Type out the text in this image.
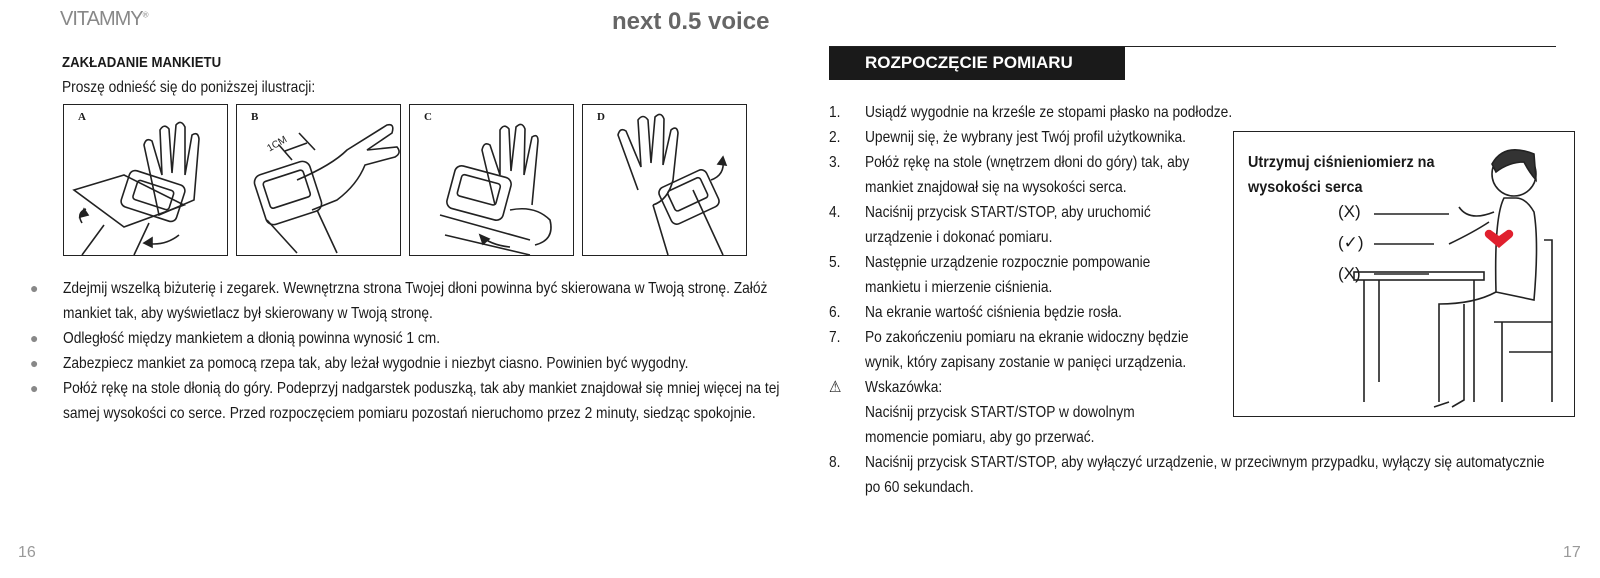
VITAMMY®	next 0.5 voice
ZAKŁADANIE MANKIETU
Proszę odnieść się do poniższej ilustracji:
A	B
1CM
C	D
● Zdejmij wszelką biżuterię i zegarek. Wewnętrzna strona Twojej dłoni powinna być skierowana w Twoją stronę. Załóż
mankiet tak, aby wyświetlacz był skierowany w Twoją stronę.
● Odległość między mankietem a dłonią powinna wynosić 1 cm.
● Zabezpiecz mankiet za pomocą rzepa tak, aby leżał wygodnie i niezbyt ciasno. Powinien być wygodny.
● Połóż rękę na stole dłonią do góry. Podeprzyj nadgarstek poduszką, tak aby mankiet znajdował się mniej więcej na tej
samej wysokości co serce. Przed rozpoczęciem pomiaru pozostań nieruchomo przez 2 minuty, siedząc spokojnie.
16
ROZPOCZĘCIE POMIARU
1. Usiądź wygodnie na krześle ze stopami płasko na podłodze.
2. Upewnij się, że wybrany jest Twój profil użytkownika.
3. Połóż rękę na stole (wnętrzem dłoni do góry) tak, aby
mankiet znajdował się na wysokości serca.
4. Naciśnij przycisk START/STOP, aby uruchomić
urządzenie i dokonać pomiaru.
5. Następnie urządzenie rozpocznie pompowanie
mankietu i mierzenie ciśnienia.
6. Na ekranie wartość ciśnienia będzie rosła.
7. Po zakończeniu pomiaru na ekranie widoczny będzie
wynik, który zapisany zostanie w panięci urządzenia.
⚠ Wskazówka:
Naciśnij przycisk START/STOP w dowolnym
momencie pomiaru, aby go przerwać.
8. Naciśnij przycisk START/STOP, aby wyłączyć urządzenie, w przeciwnym przypadku, wyłączy się automatycznie
po 60 sekundach.
Utrzymuj ciśnieniomierz na
wysokości serca
(X)
(✓)
(X)
17
